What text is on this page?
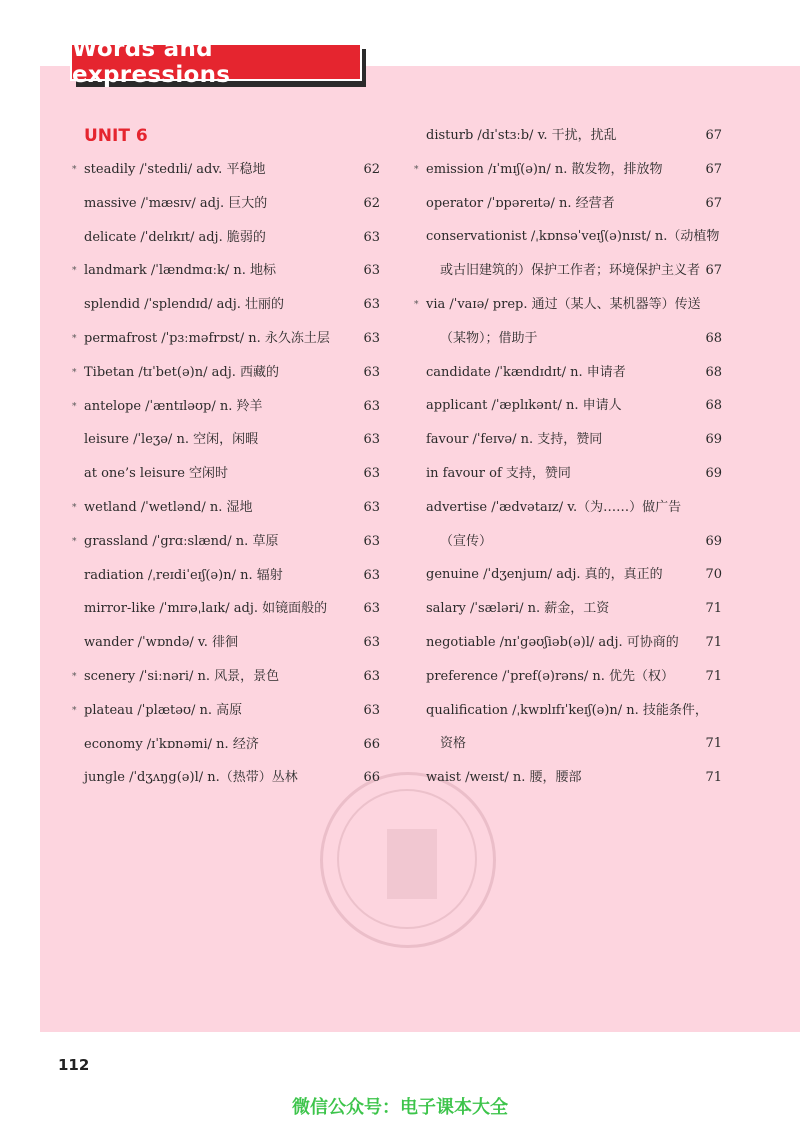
Words and expressions
UNIT 6
* steadily /ˈstedɪli/ adv. 平稳地	62
massive /ˈmæsɪv/ adj. 巨大的	62
delicate /ˈdelɪkɪt/ adj. 脆弱的	63
* landmark /ˈlændmɑːk/ n. 地标	63
splendid /ˈsplendɪd/ adj. 壮丽的	63
* permafrost /ˈpɜːməfrɒst/ n. 永久冻土层	63
* Tibetan /tɪˈbet(ə)n/ adj. 西藏的	63
* antelope /ˈæntɪləʊp/ n. 羚羊	63
leisure /ˈleʒə/ n. 空闲，闲暇	63
at one’s leisure 空闲时	63
* wetland /ˈwetlənd/ n. 湿地	63
* grassland /ˈgrɑːslænd/ n. 草原	63
radiation /ˌreɪdiˈeɪʃ(ə)n/ n. 辐射	63
mirror-like /ˈmɪrəˌlaɪk/ adj. 如镜面般的	63
wander /ˈwɒndə/ v. 徘徊	63
* scenery /ˈsiːnəri/ n. 风景，景色	63
* plateau /ˈplætəʊ/ n. 高原	63
economy /ɪˈkɒnəmi/ n. 经济	66
jungle /ˈdʒʌŋg(ə)l/ n.（热带）丛林	66
disturb /dɪˈstɜːb/ v. 干扰，扰乱	67
* emission /ɪˈmɪʃ(ə)n/ n. 散发物，排放物	67
operator /ˈɒpəreɪtə/ n. 经营者	67
conservationist /ˌkɒnsəˈveɪʃ(ə)nɪst/ n.（动植物
或古旧建筑的）保护工作者；环境保护主义者 67
* via /ˈvaɪə/ prep. 通过（某人、某机器等）传送
（某物）；借助于	68
candidate /ˈkændɪdɪt/ n. 申请者	68
applicant /ˈæplɪkənt/ n. 申请人	68
favour /ˈfeɪvə/ n. 支持，赞同	69
in favour of 支持，赞同	69
advertise /ˈædvətaɪz/ v.（为……）做广告
（宣传）	69
genuine /ˈdʒenjuɪn/ adj. 真的，真正的	70
salary /ˈsæləri/ n. 薪金，工资	71
negotiable /nɪˈgəʊʃiəb(ə)l/ adj. 可协商的 71
preference /ˈpref(ə)rəns/ n. 优先（权） 71
qualification /ˌkwɒlɪfɪˈkeɪʃ(ə)n/ n. 技能条件，
资格	71
waist /weɪst/ n. 腰，腰部	71
112
微信公众号：电子课本大全
